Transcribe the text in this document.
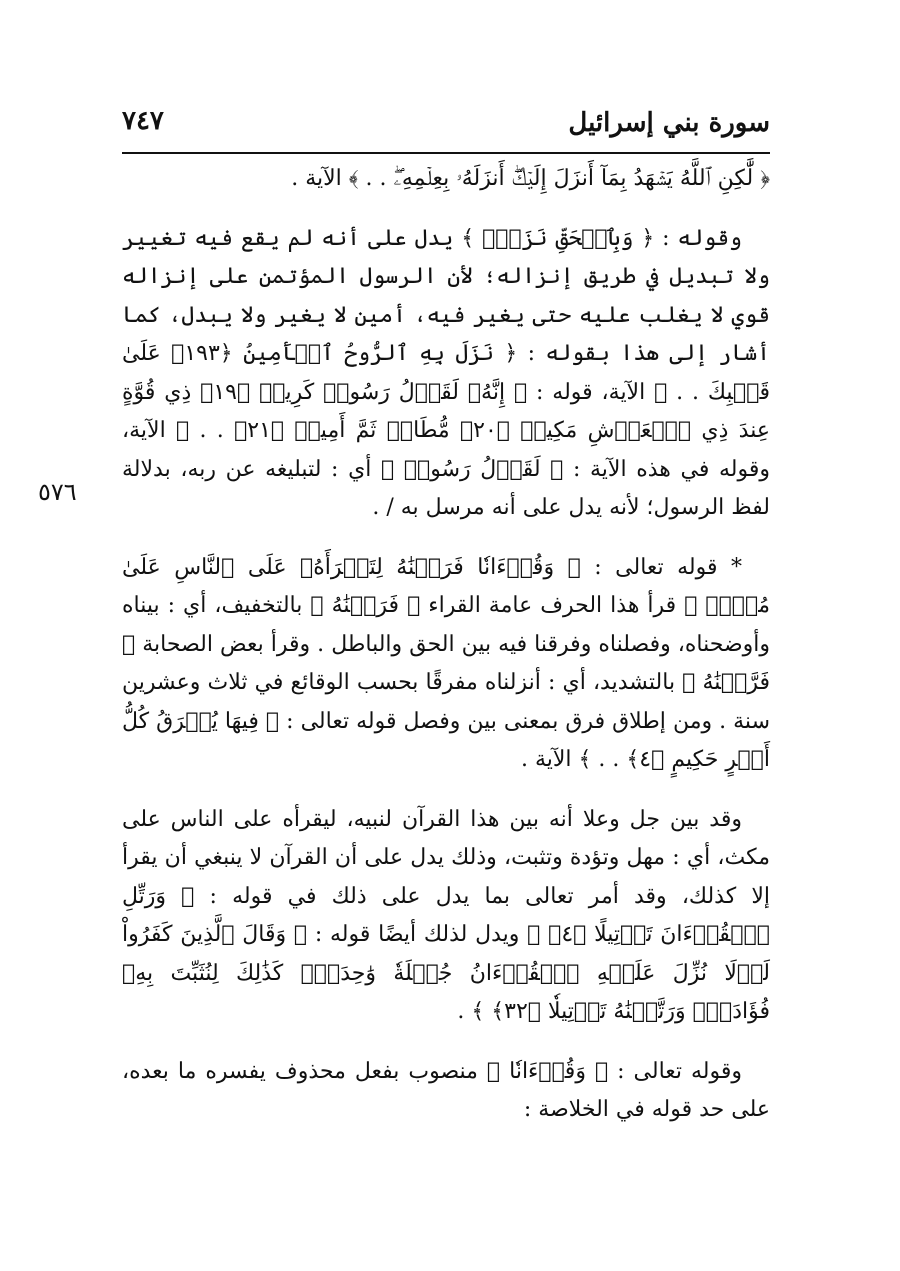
٧٤٧	سورة بني إسرائيل
٥٧٦

﴿ لَّٰكِنِ ٱللَّهُ يَشۡهَدُ بِمَآ أَنزَلَ إِلَيۡكَۖ أَنزَلَهُۥ بِعِلۡمِهِۦۖ . . ﴾ الآية .

وقوله : ﴿ وَبِٱلۡحَقِّ نَزَلَۗ ﴾ يدل على أنه لم يقع فيه تغيير ولا تبديل في طريق إنزاله؛ لأن الرسول المؤتمن على إنزاله قوي لا يغلب عليه حتى يغير فيه، أمين لا يغير ولا يبدل، كما أشار إلى هذا بقوله : ﴿ نَزَلَ بِهِ ٱلرُّوحُ ٱلۡأَمِينُ ﴿١٩٣﴾ عَلَىٰ قَلۡبِكَ . . ﴾ الآية، قوله : ﴿ إِنَّهُۥ لَقَوۡلُ رَسُولٖ كَرِيمٖ ﴿١٩﴾ ذِي قُوَّةٍ عِندَ ذِي ٱلۡعَرۡشِ مَكِينٖ ﴿٢٠﴾ مُّطَاعٖ ثَمَّ أَمِينٖ ﴿٢١﴾ . . ﴾ الآية، وقوله في هذه الآية : ﴿ لَقَوۡلُ رَسُولٖ ﴾ أي : لتبليغه عن ربه، بدلالة لفظ الرسول؛ لأنه يدل على أنه مرسل به / .

* قوله تعالى : ﴿ وَقُرۡءَانٗا فَرَقۡنَٰهُ لِتَقۡرَأَهُۥ عَلَى ٱلنَّاسِ عَلَىٰ مُكۡثٖ ﴾ قرأ هذا الحرف عامة القراء ﴿ فَرَقۡنَٰهُ ﴾ بالتخفيف، أي : بيناه وأوضحناه، وفصلناه وفرقنا فيه بين الحق والباطل . وقرأ بعض الصحابة ﴿ فَرَّقۡنَٰهُ ﴾ بالتشديد، أي : أنزلناه مفرقًا بحسب الوقائع في ثلاث وعشرين سنة . ومن إطلاق فرق بمعنى بين وفصل قوله تعالى : ﴿ فِيهَا يُفۡرَقُ كُلُّ أَمۡرٍ حَكِيمٍ ﴿٤﴾ . . ﴾ الآية .

وقد بين جل وعلا أنه بين هذا القرآن لنبيه، ليقرأه على الناس على مكث، أي : مهل وتؤدة وتثبت، وذلك يدل على أن القرآن لا ينبغي أن يقرأ إلا كذلك، وقد أمر تعالى بما يدل على ذلك في قوله : ﴿ وَرَتِّلِ ٱلۡقُرۡءَانَ تَرۡتِيلًا ﴿٤﴾ ﴾ ويدل لذلك أيضًا قوله : ﴿ وَقَالَ ٱلَّذِينَ كَفَرُواْ لَوۡلَا نُزِّلَ عَلَيۡهِ ٱلۡقُرۡءَانُ جُمۡلَةٗ وَٰحِدَةٗۚ كَذَٰلِكَ لِنُثَبِّتَ بِهِۦ فُؤَادَكَۖ وَرَتَّلۡنَٰهُ تَرۡتِيلٗا ﴿٣٢﴾ ﴾ .

وقوله تعالى : ﴿ وَقُرۡءَانٗا ﴾ منصوب بفعل محذوف يفسره ما بعده، على حد قوله في الخلاصة :
